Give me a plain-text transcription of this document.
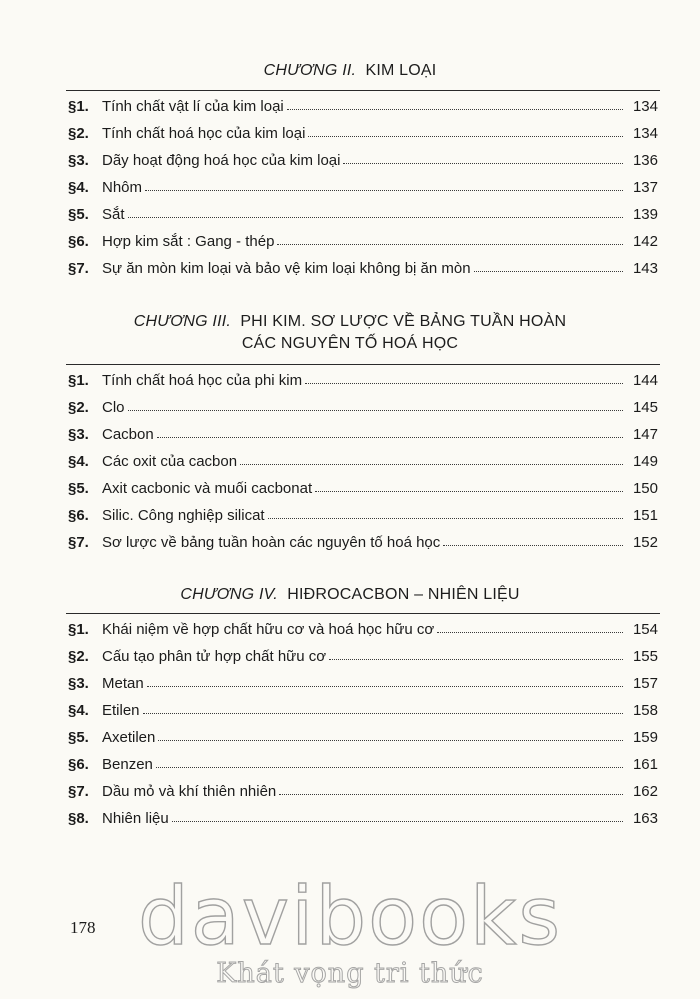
CHƯƠNG II. KIM LOẠI
§1. Tính chất vật lí của kim loại	134
§2. Tính chất hoá học của kim loại	134
§3. Dãy hoạt động hoá học của kim loại	136
§4. Nhôm	137
§5. Sắt	139
§6. Hợp kim sắt : Gang - thép	142
§7. Sự ăn mòn kim loại và bảo vệ kim loại không bị ăn mòn	143
CHƯƠNG III. PHI KIM. SƠ LƯỢC VỀ BẢNG TUẦN HOÀN
CÁC NGUYÊN TỐ HOÁ HỌC
§1. Tính chất hoá học của phi kim	144
§2. Clo	145
§3. Cacbon	147
§4. Các oxit của cacbon	149
§5. Axit cacbonic và muối cacbonat	150
§6. Silic. Công nghiệp silicat	151
§7. Sơ lược về bảng tuần hoàn các nguyên tố hoá học	152
CHƯƠNG IV. HIĐROCACBON – NHIÊN LIỆU
§1. Khái niệm về hợp chất hữu cơ và hoá học hữu cơ	154
§2. Cấu tạo phân tử hợp chất hữu cơ	155
§3. Metan	157
§4. Etilen	158
§5. Axetilen	159
§6. Benzen	161
§7. Dầu mỏ và khí thiên nhiên	162
§8. Nhiên liệu	163
178 davibooks
Khát vọng tri thức
